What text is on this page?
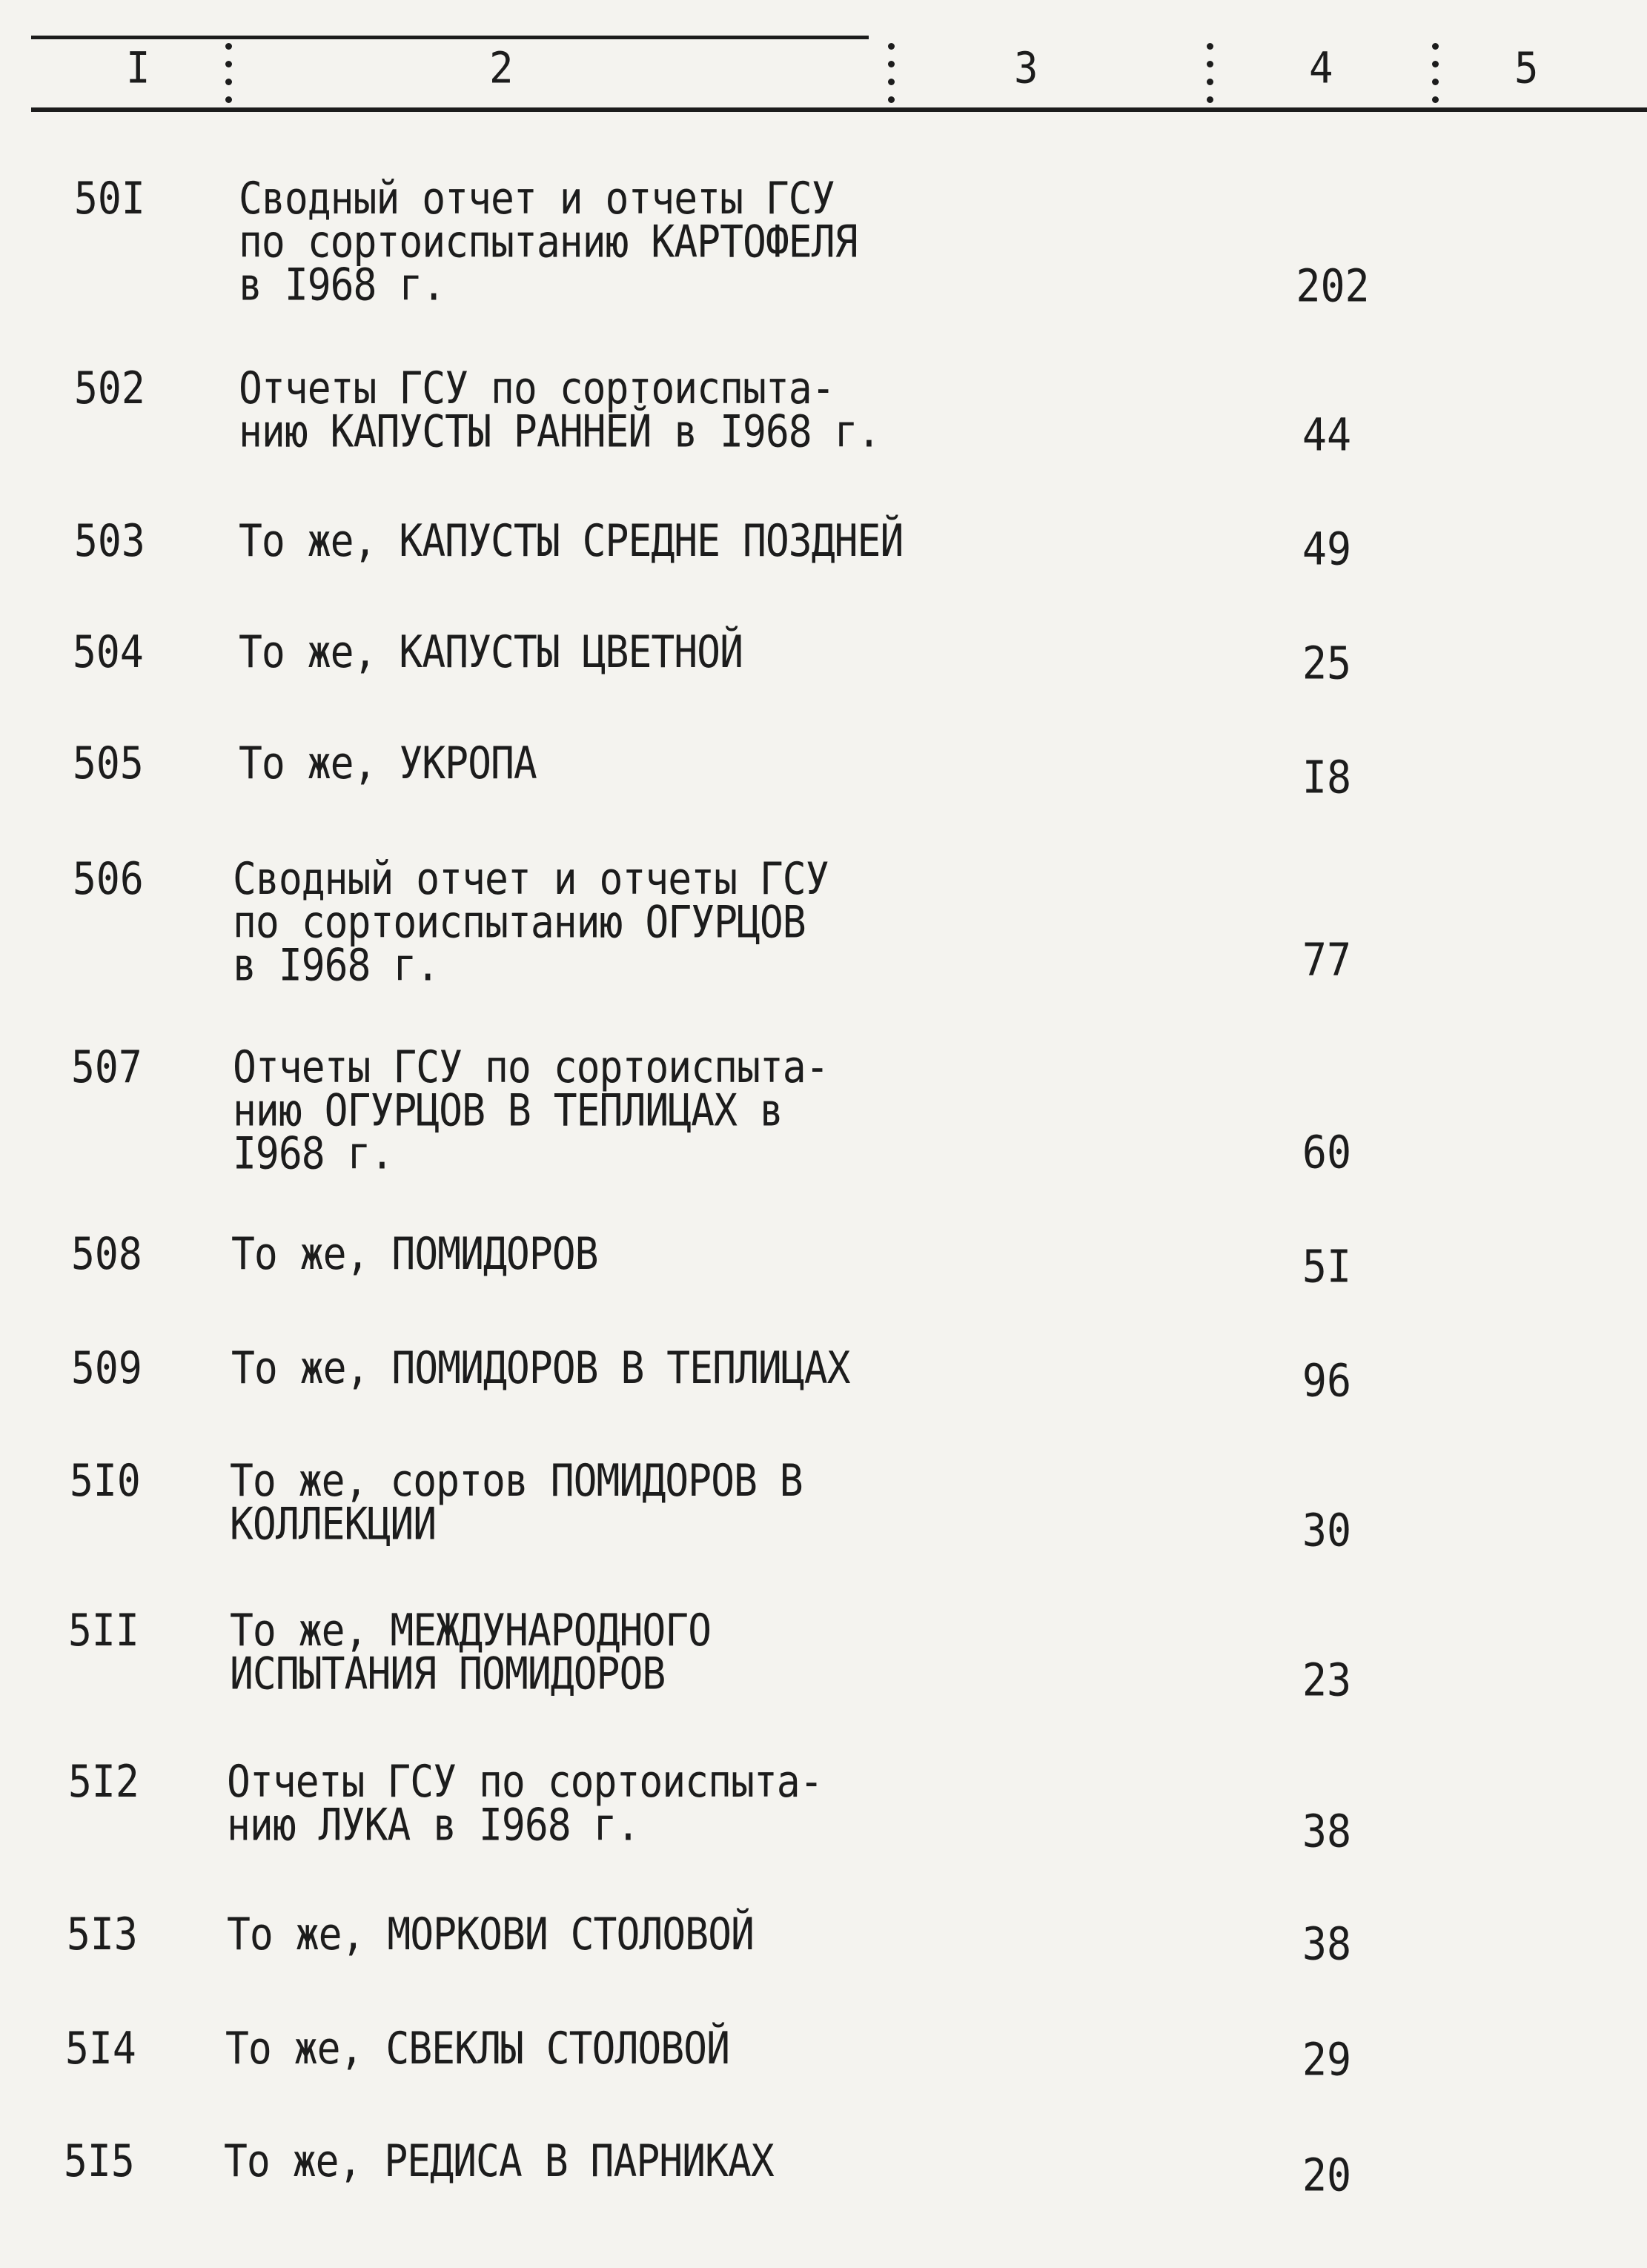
I	2	3	4	5
50I Сводный отчет и отчеты ГСУ
по сортоиспытанию КАРТОФЕЛЯ
в I968 г.	202
502 Отчеты ГСУ по сортоиспыта-
нию КАПУСТЫ РАННЕЙ в I968 г.	44
503 То же, КАПУСТЫ СРЕДНЕ ПОЗДНЕЙ	49
504 То же, КАПУСТЫ ЦВЕТНОЙ	25
505 То же, УКРОПА	I8
506 Сводный отчет и отчеты ГСУ
по сортоиспытанию ОГУРЦОВ
в I968 г.	77
507 Отчеты ГСУ по сортоиспыта-
нию ОГУРЦОВ В ТЕПЛИЦАХ в
I968 г.	60
508 То же, ПОМИДОРОВ	5I
509 То же, ПОМИДОРОВ В ТЕПЛИЦАХ	96
5I0 То же, сортов ПОМИДОРОВ В
КОЛЛЕКЦИИ	30
5II То же, МЕЖДУНАРОДНОГО
ИСПЫТАНИЯ ПОМИДОРОВ	23
5I2 Отчеты ГСУ по сортоиспыта-
нию ЛУКА в I968 г.	38
5I3 То же, МОРКОВИ СТОЛОВОЙ	38
5I4 То же, СВЕКЛЫ СТОЛОВОЙ	29
5I5 То же, РЕДИСА В ПАРНИКАХ	20
